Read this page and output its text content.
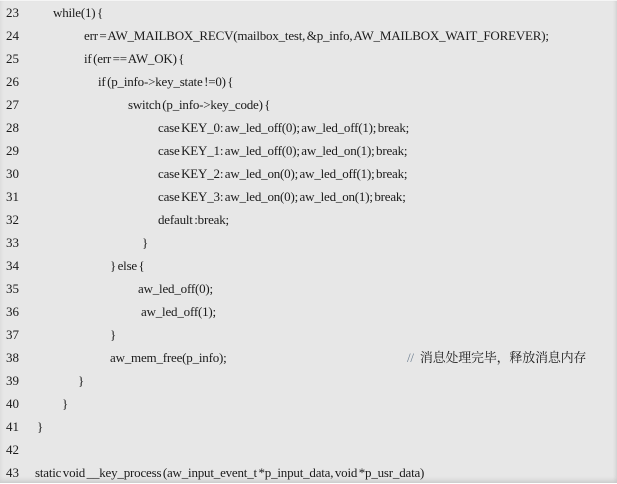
23	while(1) {
24	err = AW_MAILBOX_RECV(mailbox_test, &p_info, AW_MAILBOX_WAIT_FOREVER);
25	if (err == AW_OK) {
26	if (p_info->key_state !=0) {
27	switch (p_info->key_code) {
28	case KEY_0: aw_led_off(0); aw_led_off(1); break;
29	case KEY_1: aw_led_off(0); aw_led_on(1); break;
30	case KEY_2: aw_led_on(0); aw_led_off(1); break;
31	case KEY_3: aw_led_on(0); aw_led_on(1); break;
32	default :break;
33	}
34	} else {
35	aw_led_off(0);
36	aw_led_off(1);
37	}
38	aw_mem_free(p_info);	// 消息处理完毕，释放消息内存
39	}
40	}
41 }
42
43 static void __key_process (aw_input_event_t *p_input_data, void *p_usr_data)
